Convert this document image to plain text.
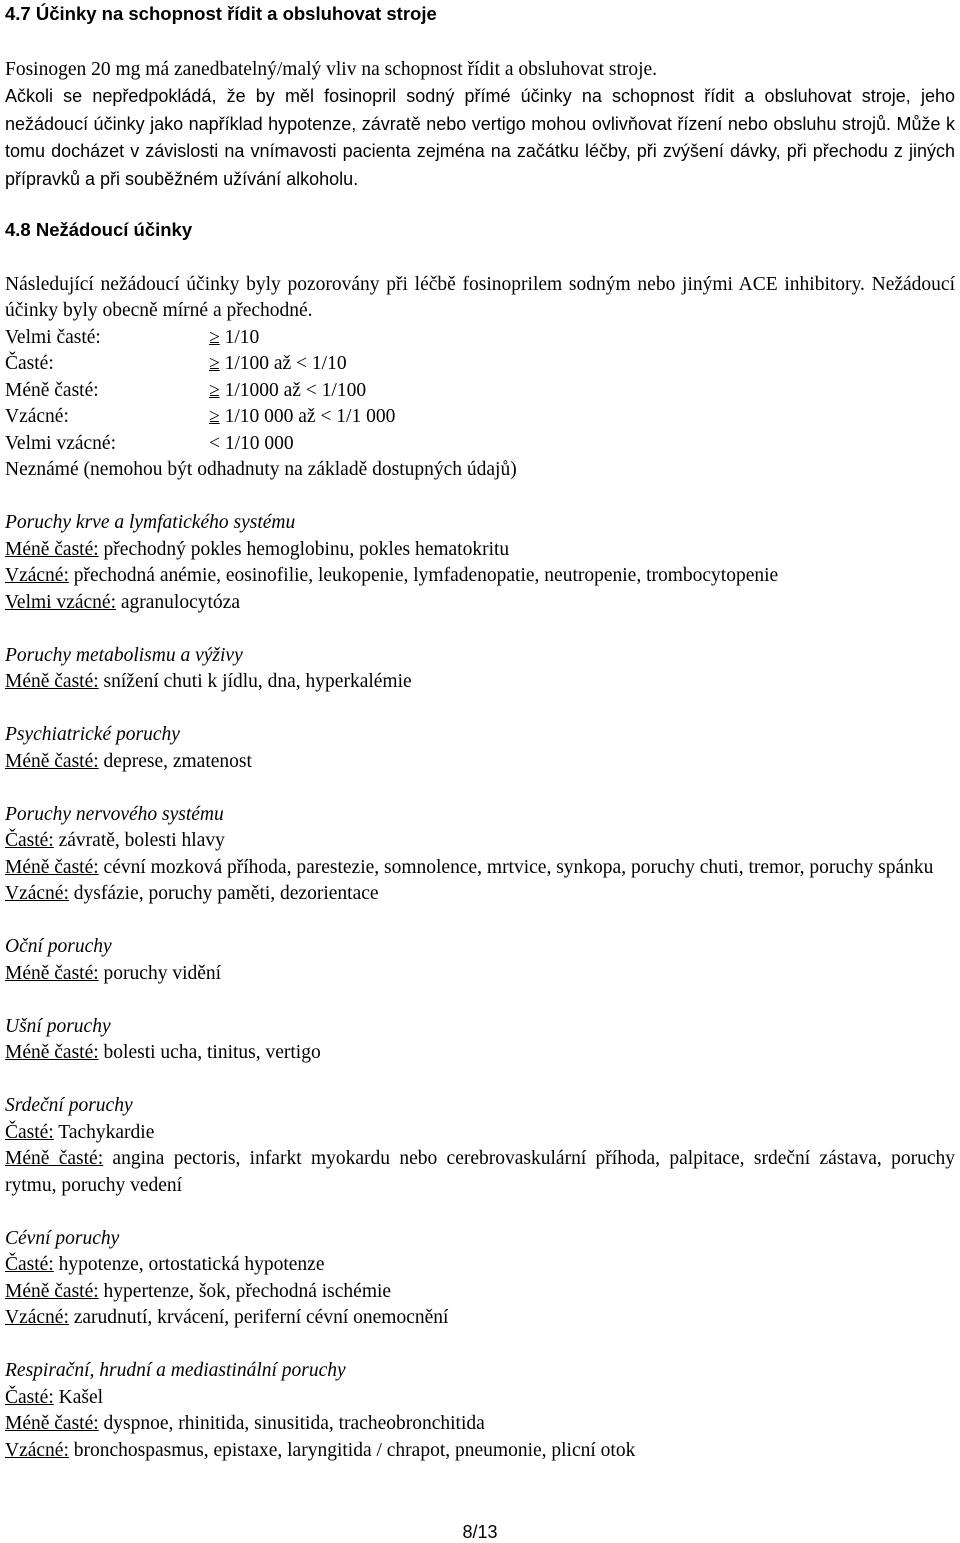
4.7 Účinky na schopnost řídit a obsluhovat stroje

Fosinogen 20 mg má zanedbatelný/malý vliv na schopnost řídit a obsluhovat stroje.

Ačkoli se nepředpokládá, že by měl fosinopril sodný přímé účinky na schopnost řídit a obsluhovat stroje, jeho nežádoucí účinky jako například hypotenze, závratě nebo vertigo mohou ovlivňovat řízení nebo obsluhu strojů. Může k tomu docházet v závislosti na vnímavosti pacienta zejména na začátku léčby, při zvýšení dávky, při přechodu z jiných přípravků a při souběžném užívání alkoholu.

4.8 Nežádoucí účinky

Následující nežádoucí účinky byly pozorovány při léčbě fosinoprilem sodným nebo jinými ACE inhibitory. Nežádoucí účinky byly obecně mírné a přechodné.

Velmi časté:	≥ 1/10
Časté:	≥ 1/100 až < 1/10
Méně časté:	≥ 1/1000 až < 1/100
Vzácné:	≥ 1/10 000 až < 1/1 000
Velmi vzácné:	< 1/10 000

Neznámé (nemohou být odhadnuty na základě dostupných údajů)

Poruchy krve a lymfatického systému

Méně časté: přechodný pokles hemoglobinu, pokles hematokritu

Vzácné: přechodná anémie, eosinofilie, leukopenie, lymfadenopatie, neutropenie, trombocytopenie

Velmi vzácné: agranulocytóza

Poruchy metabolismu a výživy

Méně časté: snížení chuti k jídlu, dna, hyperkalémie

Psychiatrické poruchy

Méně časté: deprese, zmatenost

Poruchy nervového systému

Časté: závratě, bolesti hlavy

Méně časté: cévní mozková příhoda, parestezie, somnolence, mrtvice, synkopa, poruchy chuti, tremor, poruchy spánku

Vzácné: dysfázie, poruchy paměti, dezorientace

Oční poruchy

Méně časté: poruchy vidění

Ušní poruchy

Méně časté: bolesti ucha, tinitus, vertigo

Srdeční poruchy

Časté: Tachykardie

Méně časté: angina pectoris, infarkt myokardu nebo cerebrovaskulární příhoda, palpitace, srdeční zástava, poruchy rytmu, poruchy vedení

Cévní poruchy

Časté: hypotenze, ortostatická hypotenze

Méně časté: hypertenze, šok, přechodná ischémie

Vzácné: zarudnutí, krvácení, periferní cévní onemocnění

Respirační, hrudní a mediastinální poruchy

Časté: Kašel

Méně časté: dyspnoe, rhinitida, sinusitida, tracheobronchitida

Vzácné: bronchospasmus, epistaxe, laryngitida / chrapot, pneumonie, plicní otok

8/13
